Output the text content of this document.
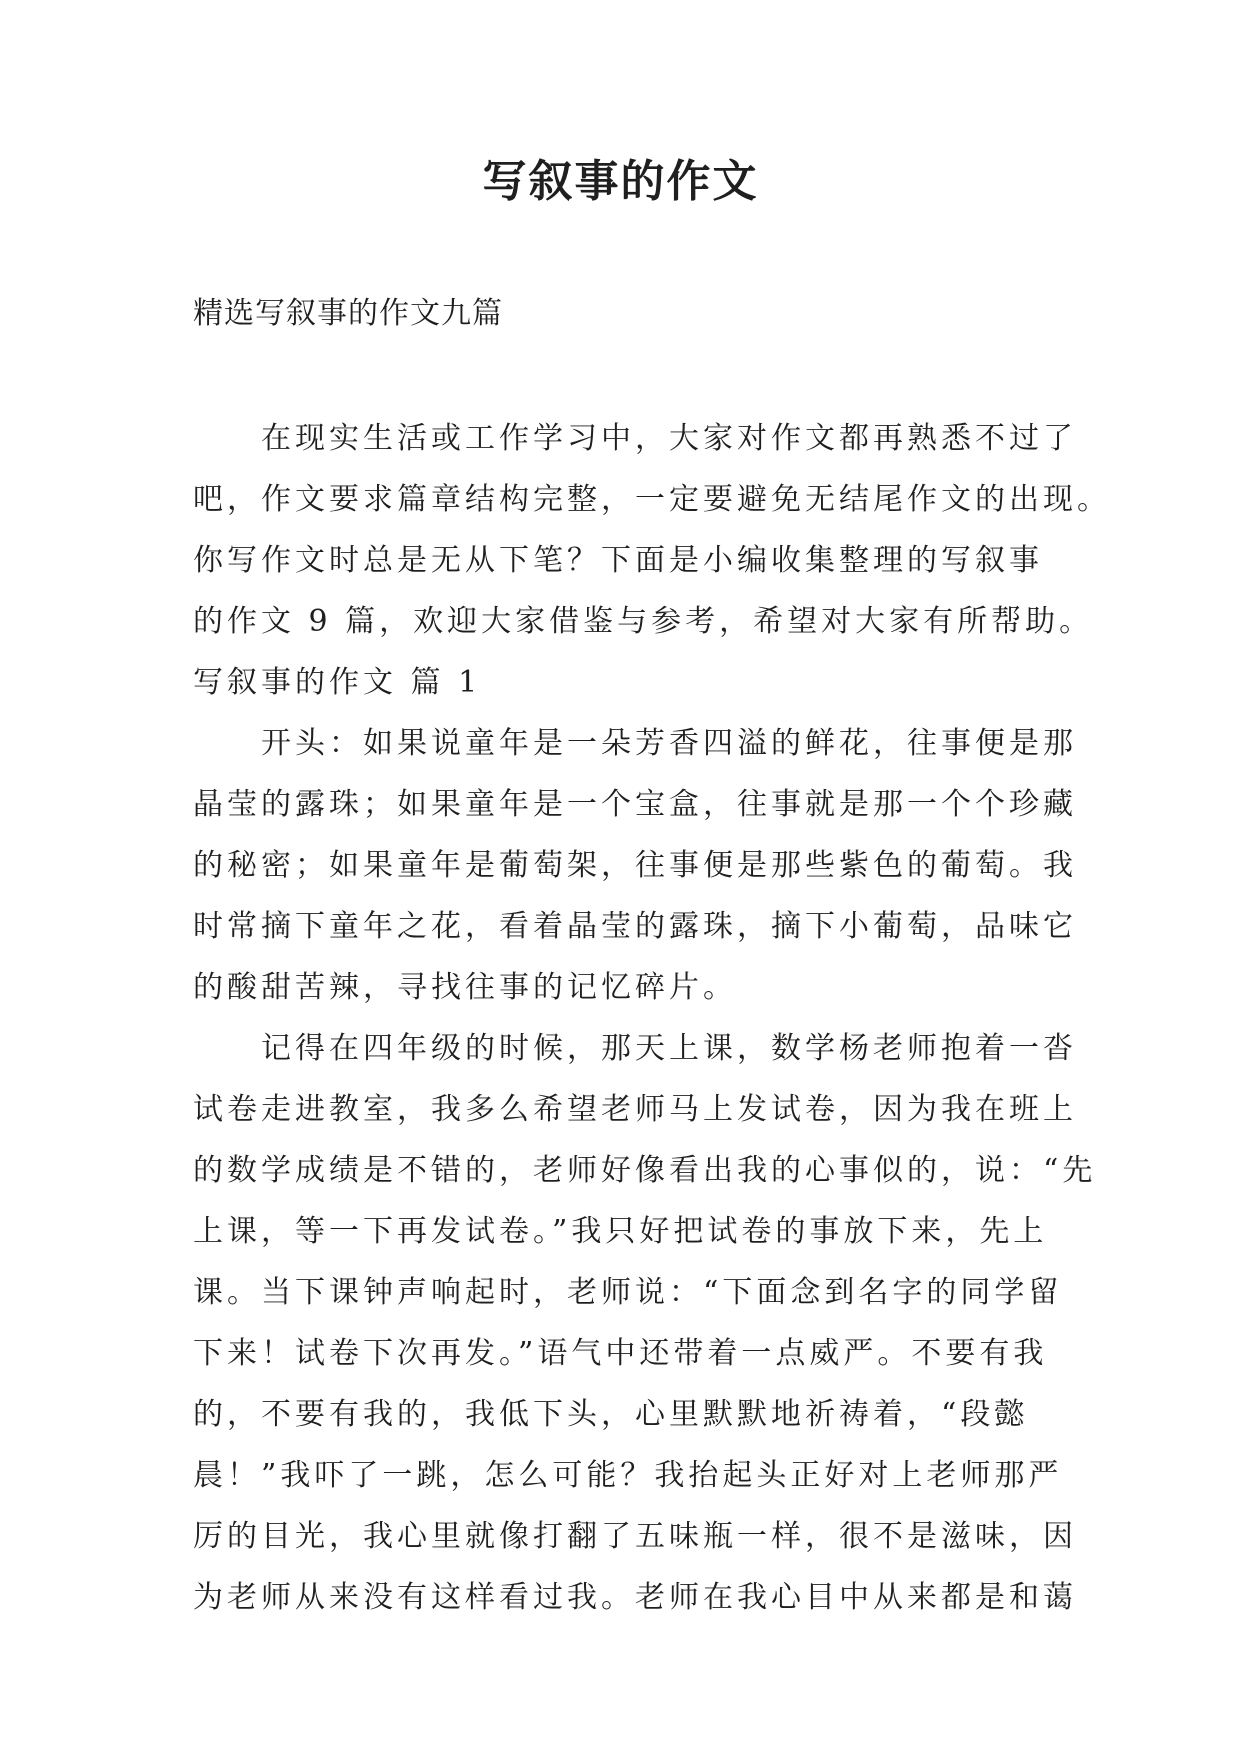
写叙事的作文
精选写叙事的作文九篇
　　在现实生活或工作学习中，大家对作文都再熟悉不过了
吧，作文要求篇章结构完整，一定要避免无结尾作文的出现。
你写作文时总是无从下笔？下面是小编收集整理的写叙事
的作文 9 篇，欢迎大家借鉴与参考，希望对大家有所帮助。
写叙事的作文 篇 1
　　开头：如果说童年是一朵芳香四溢的鲜花，往事便是那
晶莹的露珠；如果童年是一个宝盒，往事就是那一个个珍藏
的秘密；如果童年是葡萄架，往事便是那些紫色的葡萄。我
时常摘下童年之花，看着晶莹的露珠，摘下小葡萄，品味它
的酸甜苦辣，寻找往事的记忆碎片。
　　记得在四年级的时候，那天上课，数学杨老师抱着一沓
试卷走进教室，我多么希望老师马上发试卷，因为我在班上
的数学成绩是不错的，老师好像看出我的心事似的，说：“先
上课，等一下再发试卷。”我只好把试卷的事放下来，先上
课。当下课钟声响起时，老师说：“下面念到名字的同学留
下来！试卷下次再发。”语气中还带着一点威严。不要有我
的，不要有我的，我低下头，心里默默地祈祷着，“段懿
晨！”我吓了一跳，怎么可能？我抬起头正好对上老师那严
厉的目光，我心里就像打翻了五味瓶一样，很不是滋味，因
为老师从来没有这样看过我。老师在我心目中从来都是和蔼
